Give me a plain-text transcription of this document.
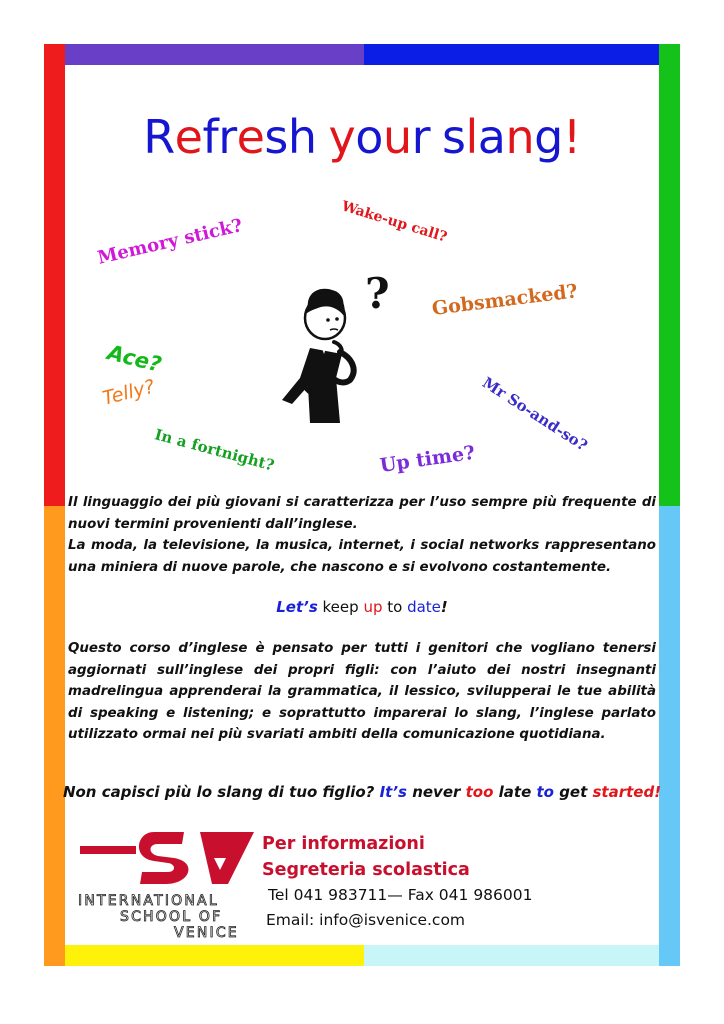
Refresh your slang!
Wake-up call?
Memory stick?
Gobsmacked?
Ace?
Mr So-and-so?
Telly?
In a fortnight?	Up time?
?
Il linguaggio dei più giovani si caratterizza per l’uso sempre più frequente di nuovi termini provenienti dall’inglese.
La moda, la televisione, la musica, internet, i social networks rappresentano una miniera di nuove parole, che nascono e si evolvono costantemente.
Let’s keep up to date!
Questo corso d’inglese è pensato per tutti i genitori che vogliano tenersi aggiornati sull’inglese dei propri figli: con l’aiuto dei nostri insegnanti madrelingua apprenderai la grammatica, il lessico, svilupperai le tue abilità di speaking e listening; e soprattutto imparerai lo slang, l’inglese parlato utilizzato ormai nei più svariati ambiti della comunicazione quotidiana.
Non capisci più lo slang di tuo figlio? It’s never too late to get started!
INTERNATIONAL
SCHOOL OF
VENICE
Per informazioni
Segreteria scolastica
Tel 041 983711— Fax 041 986001
Email: info@isvenice.com
